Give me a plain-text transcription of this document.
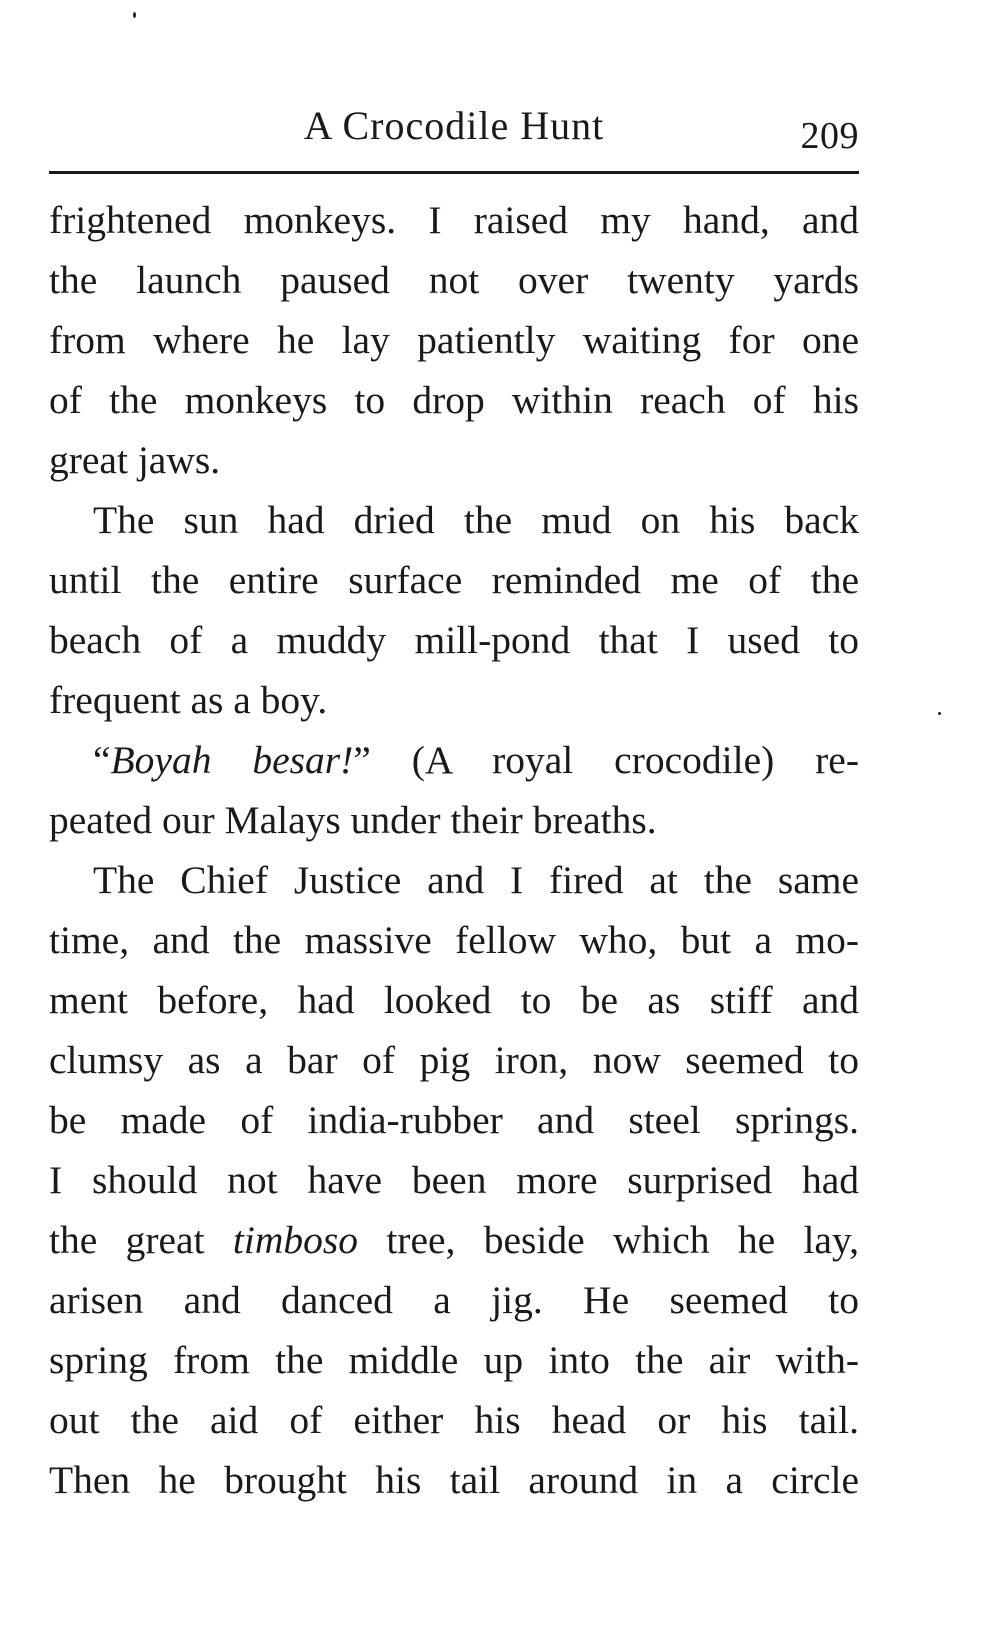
A Crocodile Hunt	209
frightened monkeys. I raised my hand, and
the launch paused not over twenty yards
from where he lay patiently waiting for one
of the monkeys to drop within reach of his
great jaws.
The sun had dried the mud on his back
until the entire surface reminded me of the
beach of a muddy mill-pond that I used to
frequent as a boy.
“Boyah besar!” (A royal crocodile) re-
peated our Malays under their breaths.
The Chief Justice and I fired at the same
time, and the massive fellow who, but a mo-
ment before, had looked to be as stiff and
clumsy as a bar of pig iron, now seemed to
be made of india-rubber and steel springs.
I should not have been more surprised had
the great timboso tree, beside which he lay,
arisen and danced a jig. He seemed to
spring from the middle up into the air with-
out the aid of either his head or his tail.
Then he brought his tail around in a circle
